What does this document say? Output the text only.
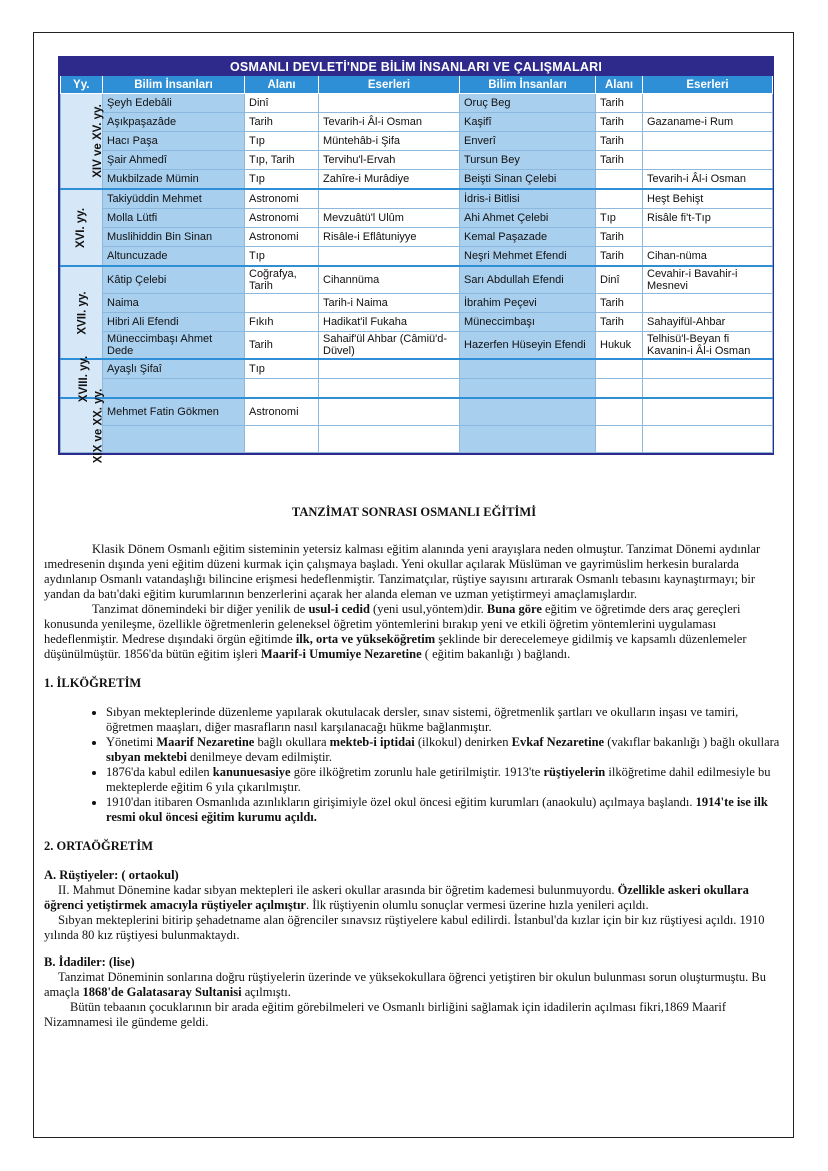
OSMANLI DEVLETİ'NDE BİLİM İNSANLARI VE ÇALIŞMALARI
Yy.	Bilim İnsanları	Alanı	Eserleri	Bilim İnsanları	Alanı	Eserleri
XIV ve XV. yy.	Şeyh Edebâli	Dinî		Oruç Beg	Tarih	
	Aşıkpaşazâde	Tarih	Tevarih-i Âl-i Osman	Kaşifî	Tarih	Gazaname-i Rum
	Hacı Paşa	Tıp	Müntehâb-i Şifa	Enverî	Tarih	
	Şair Ahmedî	Tıp, Tarih	Tervihu'l-Ervah	Tursun Bey	Tarih	
	Mukbilzade Mümin	Tıp	Zahîre-i Murâdiye	Beişti Sinan Çelebi		Tevarih-i Âl-i Osman
XVI. yy.	Takiyüddin Mehmet	Astronomi		İdris-i Bitlisi		Heşt Behişt
	Molla Lütfi	Astronomi	Mevzuâtü'l Ulûm	Ahi Ahmet Çelebi	Tıp	Risâle fi't-Tıp
	Muslihiddin Bin Sinan	Astronomi	Risâle-i Eflâtuniyye	Kemal Paşazade	Tarih	
	Altuncuzade	Tıp		Neşri Mehmet Efendi	Tarih	Cihan-nüma
XVII. yy.	Kâtip Çelebi	Coğrafya, Tarih	Cihannüma	Sarı Abdullah Efendi	Dinî	Cevahir-i Bavahir-i Mesnevi
	Naima		Tarih-i Naima	İbrahim Peçevi	Tarih	
	Hibri Ali Efendi	Fıkıh	Hadikat'il Fukaha	Müneccimbaşı	Tarih	Sahayifül-Ahbar
	Müneccimbaşı Ahmet Dede	Tarih	Sahaif'ül Ahbar (Câmiü'd-Düvel)	Hazerfen Hüseyin Efendi	Hukuk	Telhisü'l-Beyan fi Kavanin-i Âl-i Osman
XVIII. yy.	Ayaşlı Şifaî	Tıp				

XIX ve XX. yy.	Mehmet Fatin Gökmen	Astronomi				

TANZİMAT SONRASI OSMANLI EĞİTİMİ

Klasik Dönem Osmanlı eğitim sisteminin yetersiz kalması eğitim alanında yeni arayışlara neden olmuştur. Tanzimat Dönemi aydınlar ımedresenin dışında yeni eğitim düzeni kurmak için çalışmaya başladı. Yeni okullar açılarak Müslüman ve gayrimüslim herkesin buralarda aydınlanıp Osmanlı vatandaşlığı bilincine erişmesi hedeflenmiştir. Tanzimatçılar, rüştiye sayısını artırarak Osmanlı tebasını kaynaştırmayı; bir yandan da batı'daki eğitim kurumlarının benzerlerini açarak her alanda eleman ve uzman yetiştirmeyi amaçlamışlardır.

Tanzimat dönemindeki bir diğer yenilik de usul-i cedid (yeni usul,yöntem)dir. Buna göre eğitim ve öğretimde ders araç gereçleri konusunda yenileşme, özellikle öğretmenlerin geleneksel öğretim yöntemlerini bırakıp yeni ve etkili öğretim yöntemlerini uygulaması hedeflenmiştir. Medrese dışındaki örgün eğitimde ilk, orta ve yükseköğretim şeklinde bir derecelemeye gidilmiş ve kapsamlı düzenlemeler düşünülmüştür. 1856'da bütün eğitim işleri Maarif-i Umumiye Nezaretine ( eğitim bakanlığı ) bağlandı.

1. İLKÖĞRETİM

• Sıbyan mekteplerinde düzenleme yapılarak okutulacak dersler, sınav sistemi, öğretmenlik şartları ve okulların inşası ve tamiri, öğretmen maaşları, diğer masrafların nasıl karşılanacağı hükme bağlanmıştır.
• Yönetimi Maarif Nezaretine bağlı okullara mekteb-i iptidai (ilkokul) denirken Evkaf Nezaretine (vakıflar bakanlığı ) bağlı okullara sıbyan mektebi denilmeye devam edilmiştir.
• 1876'da kabul edilen kanunuesasiye göre ilköğretim zorunlu hale getirilmiştir. 1913'te rüştiyelerin ilköğretime dahil edilmesiyle bu mekteplerde eğitim 6 yıla çıkarılmıştır.
• 1910'dan itibaren Osmanlıda azınlıkların girişimiyle özel okul öncesi eğitim kurumları (anaokulu) açılmaya başlandı. 1914'te ise ilk resmi okul öncesi eğitim kurumu açıldı.

2. ORTAÖĞRETİM

A. Rüştiyeler: ( ortaokul)

II. Mahmut Dönemine kadar sıbyan mektepleri ile askeri okullar arasında bir öğretim kademesi bulunmuyordu. Özellikle askeri okullara öğrenci yetiştirmek amacıyla rüştiyeler açılmıştır. İlk rüştiyenin olumlu sonuçlar vermesi üzerine hızla yenileri açıldı.

Sıbyan mekteplerini bitirip şehadetname alan öğrenciler sınavsız rüştiyelere kabul edilirdi. İstanbul'da kızlar için bir kız rüştiyesi açıldı. 1910 yılında 80 kız rüştiyesi bulunmaktaydı.

B. İdadiler: (lise)

Tanzimat Döneminin sonlarına doğru rüştiyelerin üzerinde ve yüksekokullara öğrenci yetiştiren bir okulun bulunması sorun oluşturmuştu. Bu amaçla 1868'de Galatasaray Sultanisi açılmıştı.

Bütün tebaanın çocuklarının bir arada eğitim görebilmeleri ve Osmanlı birliğini sağlamak için idadilerin açılması fikri,1869 Maarif Nizamnamesi ile gündeme geldi.
